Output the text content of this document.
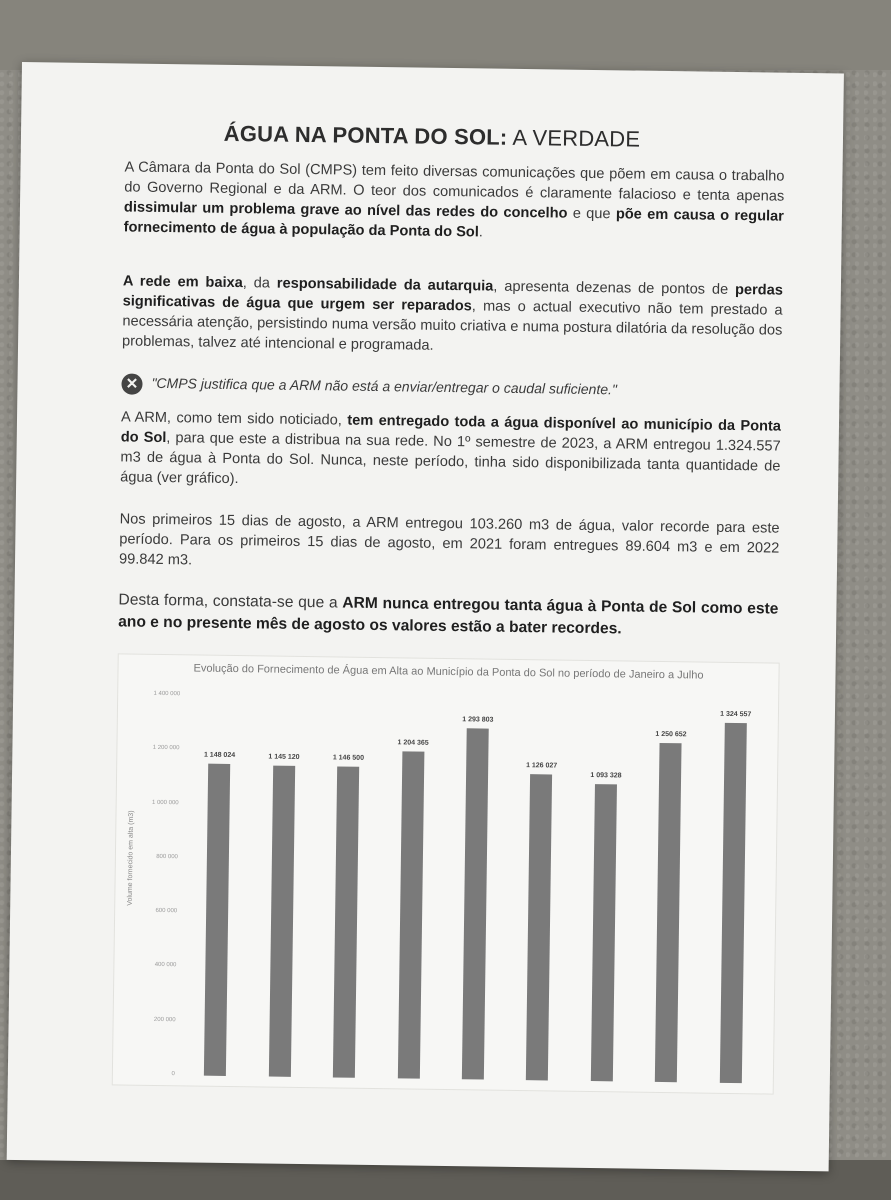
ÁGUA NA PONTA DO SOL: A VERDADE
A Câmara da Ponta do Sol (CMPS) tem feito diversas comunicações que põem em causa o trabalho do Governo Regional e da ARM. O teor dos comunicados é claramente falacioso e tenta apenas dissimular um problema grave ao nível das redes do concelho e que põe em causa o regular fornecimento de água à população da Ponta do Sol.
A rede em baixa, da responsabilidade da autarquia, apresenta dezenas de pontos de perdas significativas de água que urgem ser reparados, mas o actual executivo não tem prestado a necessária atenção, persistindo numa versão muito criativa e numa postura dilatória da resolução dos problemas, talvez até intencional e programada.
✕ "CMPS justifica que a ARM não está a enviar/entregar o caudal suficiente."
A ARM, como tem sido noticiado, tem entregado toda a água disponível ao município da Ponta do Sol, para que este a distribua na sua rede. No 1º semestre de 2023, a ARM entregou 1.324.557 m3 de água à Ponta do Sol. Nunca, neste período, tinha sido disponibilizada tanta quantidade de água (ver gráfico).
Nos primeiros 15 dias de agosto, a ARM entregou 103.260 m3 de água, valor recorde para este período. Para os primeiros 15 dias de agosto, em 2021 foram entregues 89.604 m3 e em 2022 99.842 m3.
Desta forma, constata-se que a ARM nunca entregou tanta água à Ponta de Sol como este ano e no presente mês de agosto os valores estão a bater recordes.
Evolução do Fornecimento de Água em Alta ao Município da Ponta do Sol no período de Janeiro a Julho
Volume fornecido em alta (m3)
1 400 000
1 200 000
1 000 000
800 000
600 000
400 000
200 000
0
1 148 024	1 145 120	1 146 500
1 204 365
1 293 803
1 126 027
1 093 328
1 250 652
1 324 557
